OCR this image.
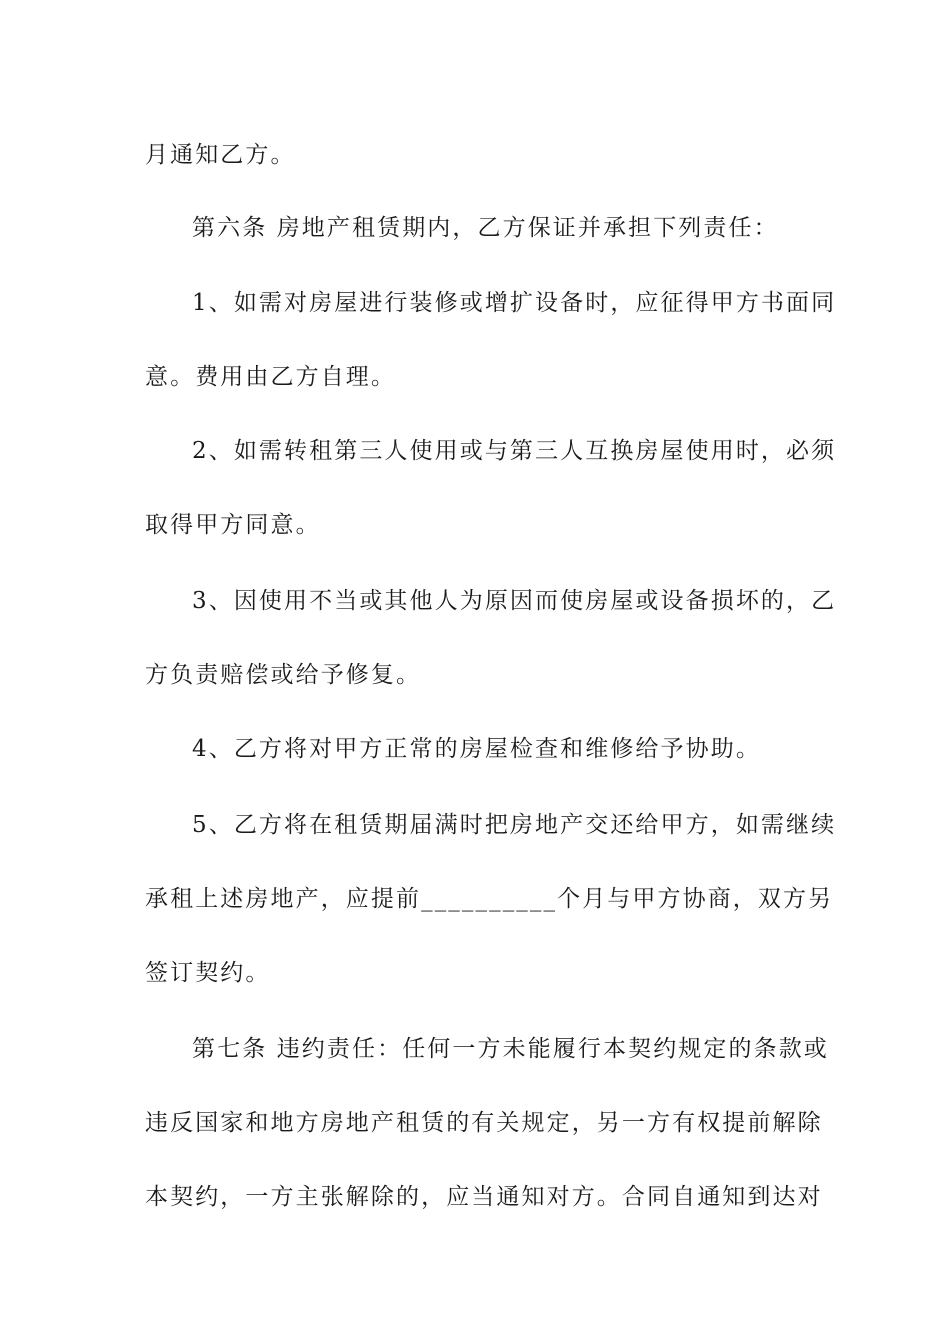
月通知乙方。
第六条 房地产租赁期内，乙方保证并承担下列责任：
1、如需对房屋进行装修或增扩设备时，应征得甲方书面同
意。费用由乙方自理。
2、如需转租第三人使用或与第三人互换房屋使用时，必须
取得甲方同意。
3、因使用不当或其他人为原因而使房屋或设备损坏的，乙
方负责赔偿或给予修复。
4、乙方将对甲方正常的房屋检查和维修给予协助。
5、乙方将在租赁期届满时把房地产交还给甲方，如需继续
承租上述房地产，应提前__________个月与甲方协商，双方另
签订契约。
第七条 违约责任：任何一方未能履行本契约规定的条款或
违反国家和地方房地产租赁的有关规定，另一方有权提前解除
本契约，一方主张解除的，应当通知对方。合同自通知到达对
